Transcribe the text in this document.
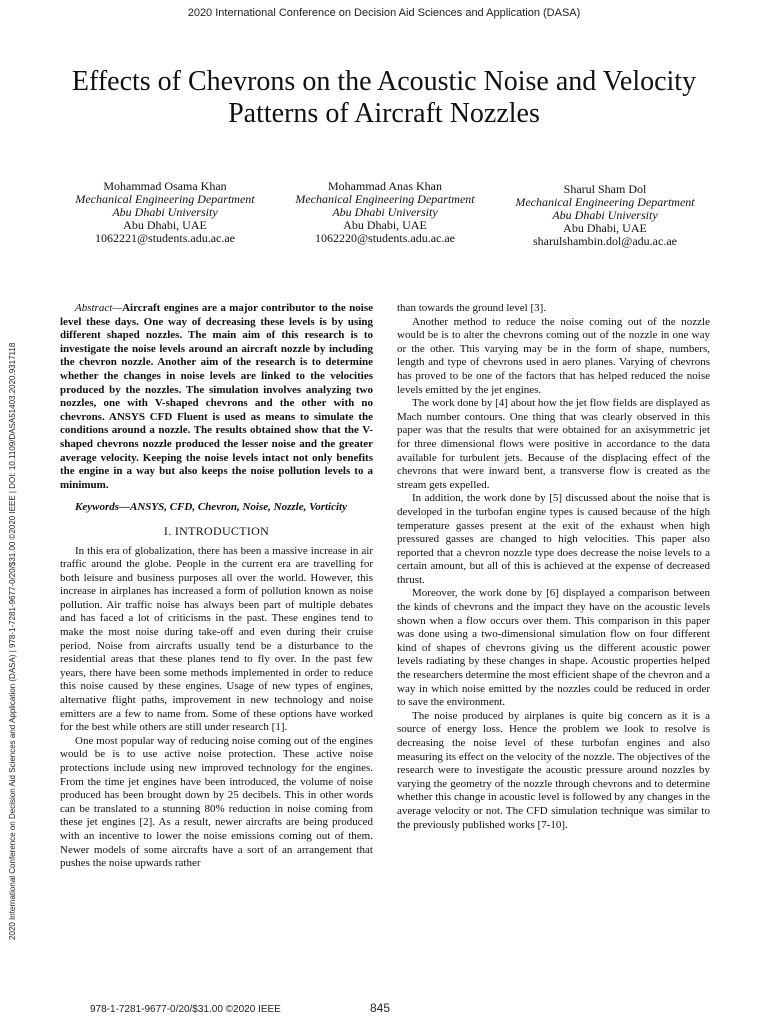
2020 International Conference on Decision Aid Sciences and Application (DASA)
Effects of Chevrons on the Acoustic Noise and Velocity Patterns of Aircraft Nozzles
Mohammad Osama Khan
Mechanical Engineering Department
Abu Dhabi University
Abu Dhabi, UAE
1062221@students.adu.ac.ae
Mohammad Anas Khan
Mechanical Engineering Department
Abu Dhabi University
Abu Dhabi, UAE
1062220@students.adu.ac.ae
Sharul Sham Dol
Mechanical Engineering Department
Abu Dhabi University
Abu Dhabi, UAE
sharulshambin.dol@adu.ac.ae
2020 International Conference on Decision Aid Sciences and Application (DASA) | 978-1-7281-9677-0/20/$31.00 ©2020 IEEE | DOI: 10.1109/DASA51403.2020.9317118

Abstract—Aircraft engines are a major contributor to the noise level these days. One way of decreasing these levels is by using different shaped nozzles. The main aim of this research is to investigate the noise levels around an aircraft nozzle by including the chevron nozzle. Another aim of the research is to determine whether the changes in noise levels are linked to the velocities produced by the nozzles. The simulation involves analyzing two nozzles, one with V-shaped chevrons and the other with no chevrons. ANSYS CFD Fluent is used as means to simulate the conditions around a nozzle. The results obtained show that the V-shaped chevrons nozzle produced the lesser noise and the greater average velocity. Keeping the noise levels intact not only benefits the engine in a way but also keeps the noise pollution levels to a minimum.

Keywords—ANSYS, CFD, Chevron, Noise, Nozzle, Vorticity

I. INTRODUCTION

In this era of globalization, there has been a massive increase in air traffic around the globe. People in the current era are travelling for both leisure and business purposes all over the world. However, this increase in airplanes has increased a form of pollution known as noise pollution. Air traffic noise has always been part of multiple debates and has faced a lot of criticisms in the past. These engines tend to make the most noise during take-off and even during their cruise period. Noise from aircrafts usually tend be a disturbance to the residential areas that these planes tend to fly over. In the past few years, there have been some methods implemented in order to reduce this noise caused by these engines. Usage of new types of engines, alternative flight paths, improvement in new technology and noise emitters are a few to name from. Some of these options have worked for the best while others are still under research [1].

One most popular way of reducing noise coming out of the engines would be is to use active noise protection. These active noise protections include using new improved technology for the engines. From the time jet engines have been introduced, the volume of noise produced has been brought down by 25 decibels. This in other words can be translated to a stunning 80% reduction in noise coming from these jet engines [2]. As a result, newer aircrafts are being produced with an incentive to lower the noise emissions coming out of them. Newer models of some aircrafts have a sort of an arrangement that pushes the noise upwards rather

than towards the ground level [3].

Another method to reduce the noise coming out of the nozzle would be is to alter the chevrons coming out of the nozzle in one way or the other. This varying may be in the form of shape, numbers, length and type of chevrons used in aero planes. Varying of chevrons has proved to be one of the factors that has helped reduced the noise levels emitted by the jet engines.

The work done by [4] about how the jet flow fields are displayed as Mach number contours. One thing that was clearly observed in this paper was that the results that were obtained for an axisymmetric jet for three dimensional flows were positive in accordance to the data available for turbulent jets. Because of the displacing effect of the chevrons that were inward bent, a transverse flow is created as the stream gets expelled.

In addition, the work done by [5] discussed about the noise that is developed in the turbofan engine types is caused because of the high temperature gasses present at the exit of the exhaust when high pressured gasses are changed to high velocities. This paper also reported that a chevron nozzle type does decrease the noise levels to a certain amount, but all of this is achieved at the expense of decreased thrust.

Moreover, the work done by [6] displayed a comparison between the kinds of chevrons and the impact they have on the acoustic levels shown when a flow occurs over them. This comparison in this paper was done using a two-dimensional simulation flow on four different kind of shapes of chevrons giving us the different acoustic power levels radiating by these changes in shape. Acoustic properties helped the researchers determine the most efficient shape of the chevron and a way in which noise emitted by the nozzles could be reduced in order to save the environment.

The noise produced by airplanes is quite big concern as it is a source of energy loss. Hence the problem we look to resolve is decreasing the noise level of these turbofan engines and also measuring its effect on the velocity of the nozzle. The objectives of the research were to investigate the acoustic pressure around nozzles by varying the geometry of the nozzle through chevrons and to determine whether this change in acoustic level is followed by any changes in the average velocity or not. The CFD simulation technique was similar to the previously published works [7-10].

978-1-7281-9677-0/20/$31.00 ©2020 IEEE	845
